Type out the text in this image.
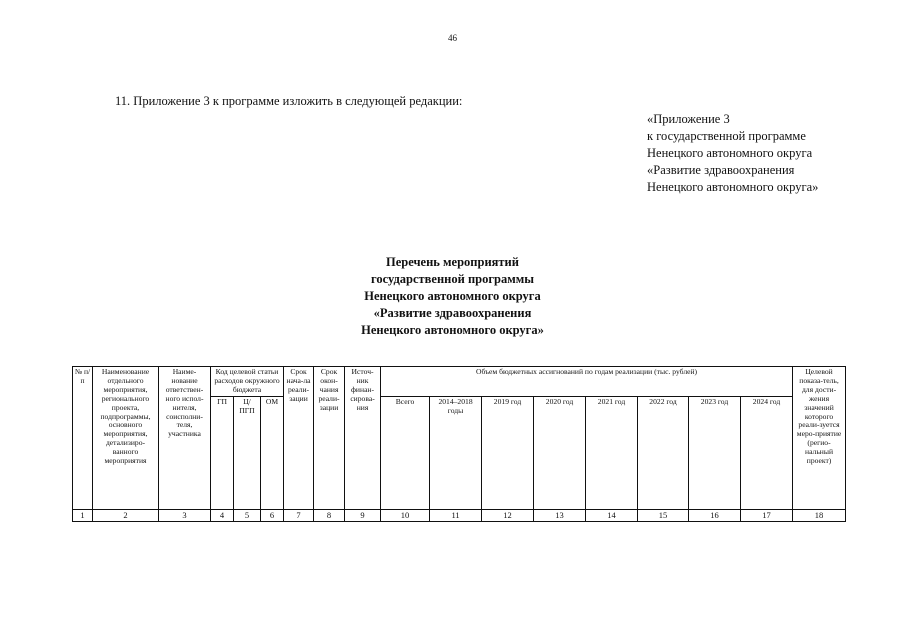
46
11. Приложение 3 к программе изложить в следующей редакции:
«Приложение 3
к государственной программе
Ненецкого автономного округа
«Развитие здравоохранения
Ненецкого автономного округа»
Перечень мероприятий
государственной программы
Ненецкого автономного округа
«Развитие здравоохранения
Ненецкого автономного округа»
№ п/п	Наименование отдельного мероприятия, регионального проекта, подпрограммы, основного мероприятия, детализиро-ванного мероприятия	Наиме-нование ответствен-ного испол-нителя, соисполни-теля, участника	Код целевой статьи расходов окружного бюджета			Срок нача-ла реали-зации	Срок окон-чания реали-зации	Источ-ник финан-сирова-ния	Объем бюджетных ассигнований по годам реализации (тыс. рублей)								Целевой показа-тель, для дости-жения значений которого реали-зуется меро-приятие (регио-нальный проект)
			ГП	Ц/ ПГП	ОМ				Всего	2014–2018 годы	2019 год	2020 год	2021 год	2022 год	2023 год	2024 год	

1	2	3	4	5	6	7	8	9	10	11	12	13	14	15	16	17	18
